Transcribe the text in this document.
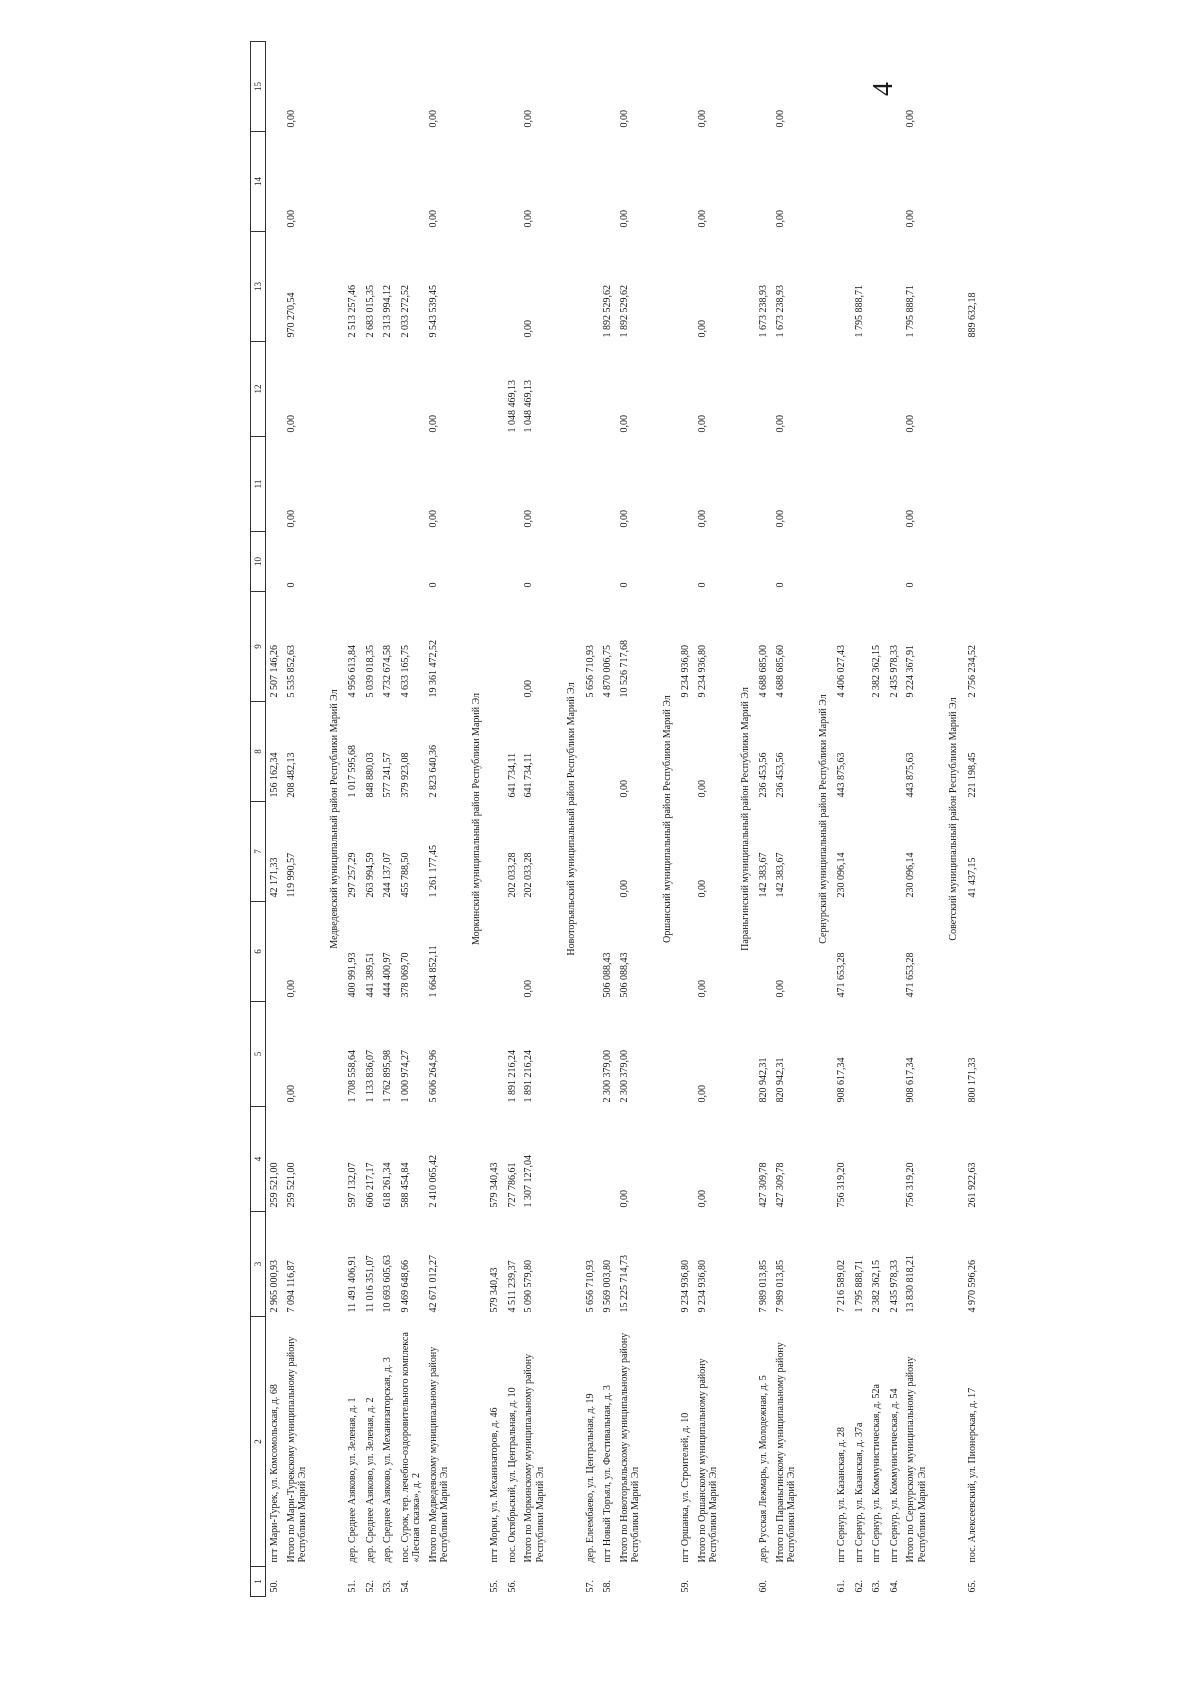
4
1	2	3	4	5	6	7	8	9	10	11	12	13	14	15
50.	пгт Мари-Турек, ул. Комсомольская, д. 68	2 965 000,93	259 521,00			42 171,33	156 162,34	2 507 146,26						
	Итого по Мари-Турекскому муниципальному району Республики Марий Эл	7 094 116,87	259 521,00	0,00	0,00	119 990,57	208 482,13	5 535 852,63	0	0,00	0,00	970 270,54	0,00	0,00
Медведевский муниципальный район Республики Марий Эл														
51.	дер. Среднее Азяково, ул. Зеленая, д. 1	11 491 406,91	597 132,07	1 708 558,64	400 991,93	297 257,29	1 017 595,68	4 956 613,84				2 513 257,46		
52.	дер. Среднее Азяково, ул. Зеленая, д. 2	11 016 351,07	606 217,17	1 133 836,07	441 389,51	263 994,59	848 880,03	5 039 018,35				2 683 015,35		
53.	дер. Среднее Азяково, ул. Механизаторская, д. 3	10 693 605,63	618 261,34	1 762 895,98	444 400,97	244 137,07	577 241,57	4 732 674,58				2 313 994,12		
54.	пос. Сурок, тер. лечебно-оздоровительного комплекса «Лесная сказка», д. 2	9 469 648,66	588 454,84	1 000 974,27	378 069,70	455 788,50	379 923,08	4 633 165,75				2 033 272,52		
	Итого по Медведевскому муниципальному району Республики Марий Эл	42 671 012,27	2 410 065,42	5 606 264,96	1 664 852,11	1 261 177,45	2 823 640,36	19 361 472,52	0	0,00	0,00	9 543 539,45	0,00	0,00
Моркинский муниципальный район Республики Марий Эл														
55.	пгт Морки, ул. Механизаторов, д. 46	579 340,43	579 340,43											
56.	пос. Октябрьский, ул. Центральная, д. 10	4 511 239,37	727 786,61	1 891 216,24		202 033,28	641 734,11				1 048 469,13			
	Итого по Моркинскому муниципальному району Республики Марий Эл	5 090 579,80	1 307 127,04	1 891 216,24	0,00	202 033,28	641 734,11	0,00	0	0,00	1 048 469,13	0,00	0,00	0,00
Новоторъяльский муниципальный район Республики Марий Эл														
57.	дер. Елеембаево, ул. Центральная, д. 19	5 656 710,93						5 656 710,93						
58.	пгт Новый Торъял, ул. Фестивальная, д. 3	9 569 003,80		2 300 379,00	506 088,43			4 870 006,75				1 892 529,62		
	Итого по Новоторъяльскому муниципальному району Республики Марий Эл	15 225 714,73	0,00	2 300 379,00	506 088,43	0,00	0,00	10 526 717,68	0	0,00	0,00	1 892 529,62	0,00	0,00
Оршанский муниципальный район Республики Марий Эл														
59.	пгт Оршанка, ул. Строителей, д. 10	9 234 936,80						9 234 936,80						
	Итого по Оршанскому муниципальному району Республики Марий Эл	9 234 936,80	0,00	0,00	0,00	0,00	0,00	9 234 936,80	0	0,00	0,00	0,00	0,00	0,00
Параньгинский муниципальный район Республики Марий Эл														
60.	дер. Русская Лежмарь, ул. Молодежная, д. 5	7 989 013,85	427 309,78	820 942,31		142 383,67	236 453,56	4 688 685,00				1 673 238,93		
	Итого по Параньгинскому муниципальному району Республики Марий Эл	7 989 013,85	427 309,78	820 942,31	0,00	142 383,67	236 453,56	4 688 685,60	0	0,00	0,00	1 673 238,93	0,00	0,00
Сернурский муниципальный район Республики Марий Эл														
61.	пгт Сернур, ул. Казанская, д. 28	7 216 589,02	756 319,20	908 617,34	471 653,28	230 096,14	443 875,63	4 406 027,43						
62.	пгт Сернур, ул. Казанская, д. 37а	1 795 888,71										1 795 888,71		
63.	пгт Сернур, ул. Коммунистическая, д. 52а	2 382 362,15						2 382 362,15						
64.	пгт Сернур, ул. Коммунистическая, д. 54	2 435 978,33						2 435 978,33						
	Итого по Сернурскому муниципальному району Республики Марий Эл	13 830 818,21	756 319,20	908 617,34	471 653,28	230 096,14	443 875,63	9 224 367,91	0	0,00	0,00	1 795 888,71	0,00	0,00
Советский муниципальный район Республики Марий Эл														
65.	пос. Алексеевский, ул. Пионерская, д. 17	4 970 596,26	261 922,63	800 171,33		41 437,15	221 198,45	2 756 234,52				889 632,18		
